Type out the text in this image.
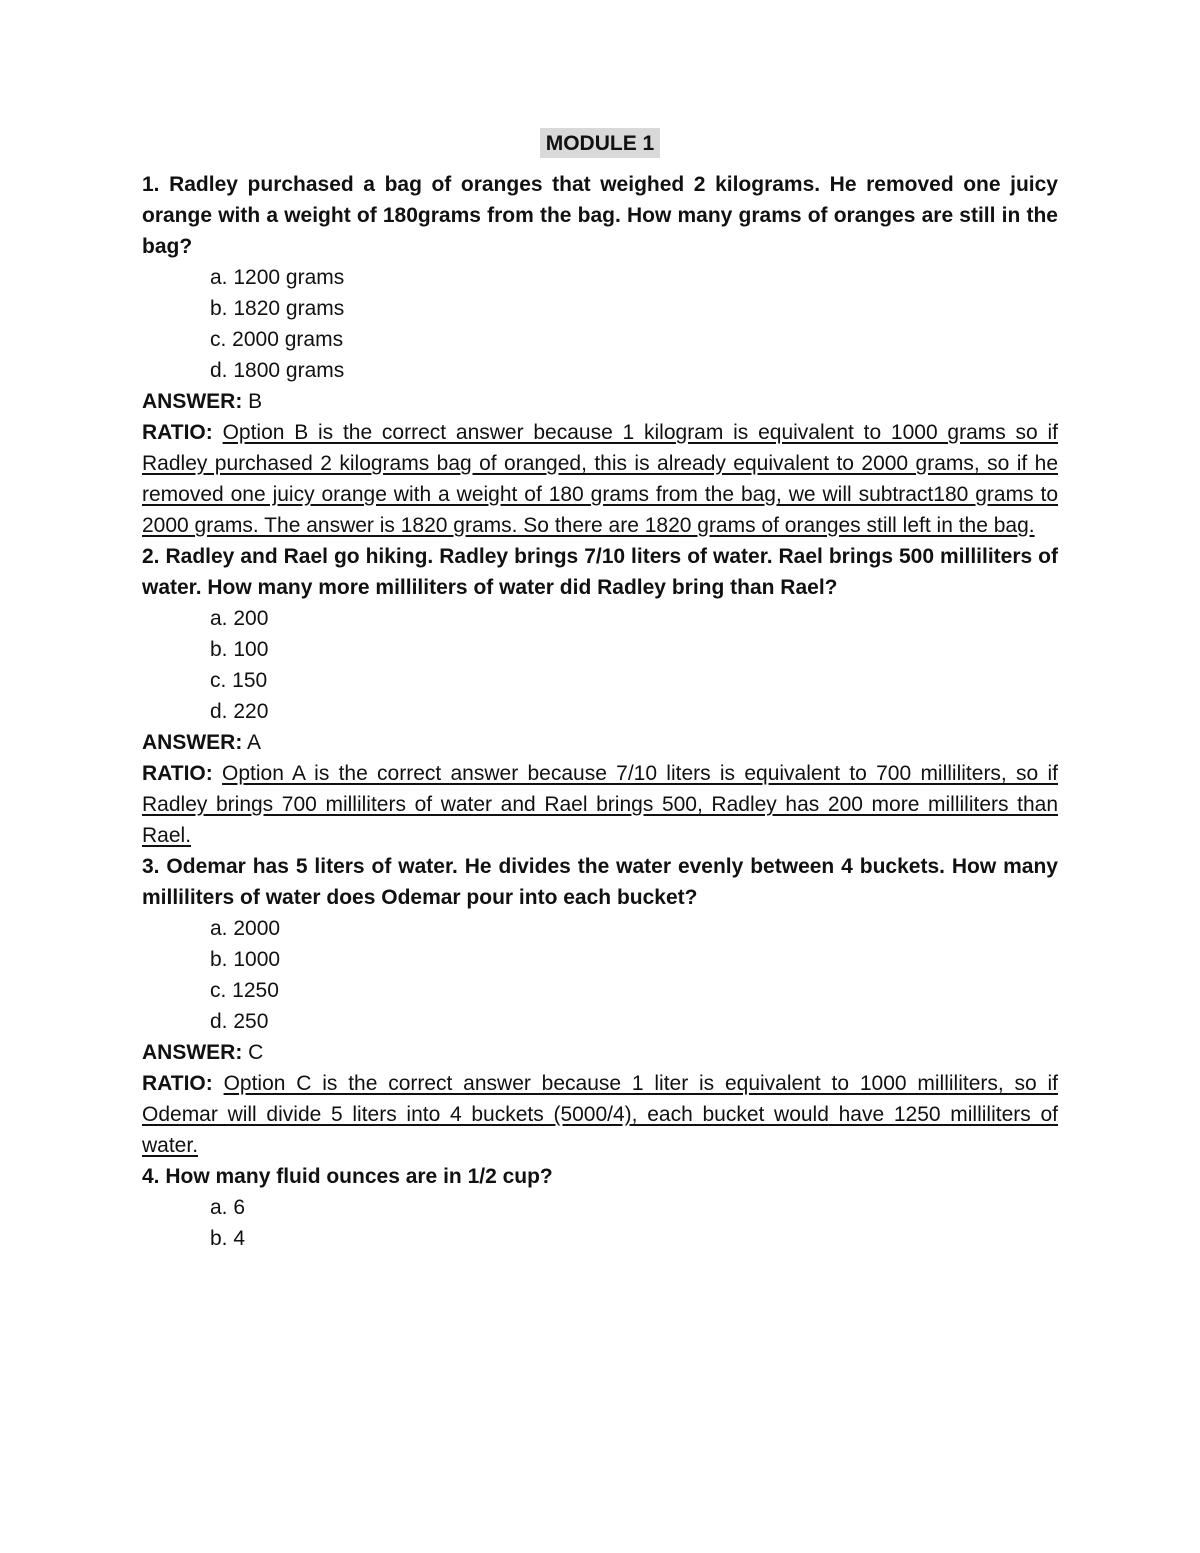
MODULE 1
1. Radley purchased a bag of oranges that weighed 2 kilograms. He removed one juicy orange with a weight of 180grams from the bag. How many grams of oranges are still in the bag?
a. 1200 grams
b. 1820 grams
c. 2000 grams
d. 1800 grams
ANSWER: B
RATIO: Option B is the correct answer because 1 kilogram is equivalent to 1000 grams so if Radley purchased 2 kilograms bag of oranged, this is already equivalent to 2000 grams, so if he removed one juicy orange with a weight of 180 grams from the bag, we will subtract180 grams to 2000 grams. The answer is 1820 grams. So there are 1820 grams of oranges still left in the bag.
2. Radley and Rael go hiking. Radley brings 7/10 liters of water. Rael brings 500 milliliters of water. How many more milliliters of water did Radley bring than Rael?
a. 200
b. 100
c. 150
d. 220
ANSWER: A
RATIO: Option A is the correct answer because 7/10 liters is equivalent to 700 milliliters, so if Radley brings 700 milliliters of water and Rael brings 500, Radley has 200 more milliliters than Rael.
3. Odemar has 5 liters of water. He divides the water evenly between 4 buckets. How many milliliters of water does Odemar pour into each bucket?
a. 2000
b. 1000
c. 1250
d. 250
ANSWER: C
RATIO: Option C is the correct answer because 1 liter is equivalent to 1000 milliliters, so if Odemar will divide 5 liters into 4 buckets (5000/4), each bucket would have 1250 milliliters of water.
4. How many fluid ounces are in 1/2 cup?
a. 6
b. 4
